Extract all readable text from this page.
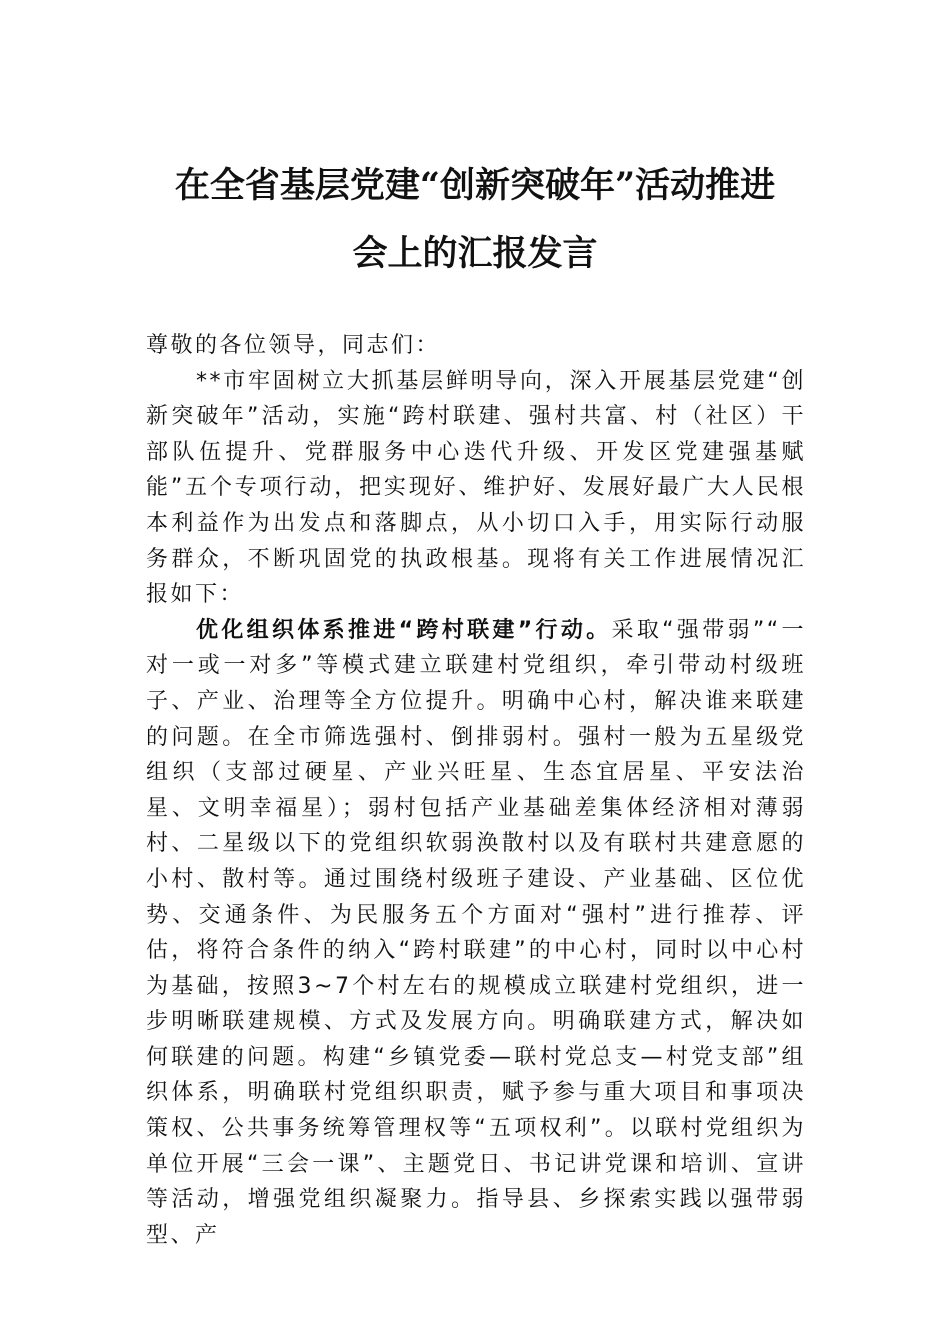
在全省基层党建“创新突破年”活动推进
会上的汇报发言

尊敬的各位领导，同志们：

**市牢固树立大抓基层鲜明导向，深入开展基层党建“创新突破年”活动，实施“跨村联建、强村共富、村（社区）干部队伍提升、党群服务中心迭代升级、开发区党建强基赋能”五个专项行动，把实现好、维护好、发展好最广大人民根本利益作为出发点和落脚点，从小切口入手，用实际行动服务群众，不断巩固党的执政根基。现将有关工作进展情况汇报如下：

优化组织体系推进“跨村联建”行动。采取“强带弱”“一对一或一对多”等模式建立联建村党组织，牵引带动村级班子、产业、治理等全方位提升。明确中心村，解决谁来联建的问题。在全市筛选强村、倒排弱村。强村一般为五星级党组织（支部过硬星、产业兴旺星、生态宜居星、平安法治星、文明幸福星）；弱村包括产业基础差集体经济相对薄弱村、二星级以下的党组织软弱涣散村以及有联村共建意愿的小村、散村等。通过围绕村级班子建设、产业基础、区位优势、交通条件、为民服务五个方面对“强村”进行推荐、评估，将符合条件的纳入“跨村联建”的中心村，同时以中心村为基础，按照3~7个村左右的规模成立联建村党组织，进一步明晰联建规模、方式及发展方向。明确联建方式，解决如何联建的问题。构建“乡镇党委—联村党总支—村党支部”组织体系，明确联村党组织职责，赋予参与重大项目和事项决策权、公共事务统筹管理权等“五项权利”。以联村党组织为单位开展“三会一课”、主题党日、书记讲党课和培训、宣讲等活动，增强党组织凝聚力。指导县、乡探索实践以强带弱型、产
